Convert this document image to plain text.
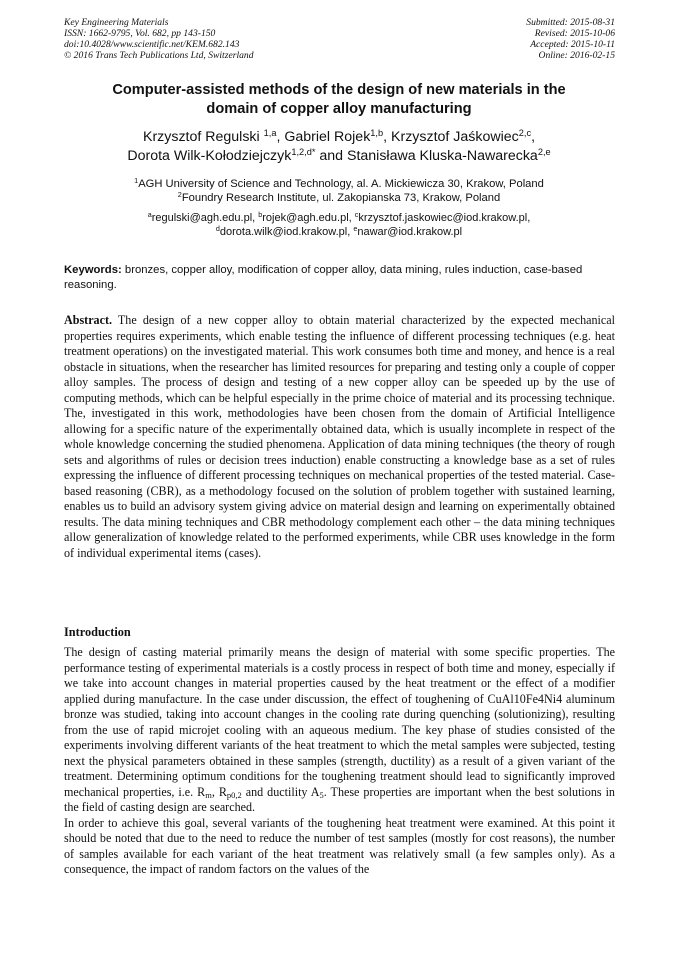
Key Engineering Materials
ISSN: 1662-9795, Vol. 682, pp 143-150
doi:10.4028/www.scientific.net/KEM.682.143
© 2016 Trans Tech Publications Ltd, Switzerland
Submitted: 2015-08-31
Revised: 2015-10-06
Accepted: 2015-10-11
Online: 2016-02-15
Computer-assisted methods of the design of new materials in the
domain of copper alloy manufacturing
Krzysztof Regulski $^{1,a}$, Gabriel Rojek$^{1,b}$, Krzysztof Jaśkowiec$^{2,c}$,
Dorota Wilk-Kołodziejczyk$^{1,2,d*}$ and Stanisława Kluska-Nawarecka$^{2,e}$
$^1$AGH University of Science and Technology, al. A. Mickiewicza 30, Krakow, Poland
$^2$Foundry Research Institute, ul. Zakopianska 73, Krakow, Poland
$^a$regulski@agh.edu.pl, $^b$rojek@agh.edu.pl, $^c$krzysztof.jaskowiec@iod.krakow.pl,
$^d$dorota.wilk@iod.krakow.pl, $^e$nawar@iod.krakow.pl
Keywords: bronzes, copper alloy, modification of copper alloy, data mining, rules induction, case-based reasoning.
Abstract. The design of a new copper alloy to obtain material characterized by the expected mechanical properties requires experiments, which enable testing the influence of different processing techniques (e.g. heat treatment operations) on the investigated material. This work consumes both time and money, and hence is a real obstacle in situations, when the researcher has limited resources for preparing and testing only a couple of copper alloy samples. The process of design and testing of a new copper alloy can be speeded up by the use of computing methods, which can be helpful especially in the prime choice of material and its processing technique. The, investigated in this work, methodologies have been chosen from the domain of Artificial Intelligence allowing for a specific nature of the experimentally obtained data, which is usually incomplete in respect of the whole knowledge concerning the studied phenomena. Application of data mining techniques (the theory of rough sets and algorithms of rules or decision trees induction) enable constructing a knowledge base as a set of rules expressing the influence of different processing techniques on mechanical properties of the tested material. Case-based reasoning (CBR), as a methodology focused on the solution of problem together with sustained learning, enables us to build an advisory system giving advice on material design and learning on experimentally obtained results. The data mining techniques and CBR methodology complement each other – the data mining techniques allow generalization of knowledge related to the performed experiments, while CBR uses knowledge in the form of individual experimental items (cases).
Introduction

The design of casting material primarily means the design of material with some specific properties. The performance testing of experimental materials is a costly process in respect of both time and money, especially if we take into account changes in material properties caused by the heat treatment or the effect of a modifier applied during manufacture. In the case under discussion, the effect of toughening of CuAl10Fe4Ni4 aluminum bronze was studied, taking into account changes in the cooling rate during quenching (solutionizing), resulting from the use of rapid microjet cooling with an aqueous medium. The key phase of studies consisted of the experiments involving different variants of the heat treatment to which the metal samples were subjected, testing next the physical parameters obtained in these samples (strength, ductility) as a result of a given variant of the treatment. Determining optimum conditions for the toughening treatment should lead to significantly improved mechanical properties, i.e. $R_m$, $R_{p0,2}$ and ductility $A_5$. These properties are important when the best solutions in the field of casting design are searched.

In order to achieve this goal, several variants of the toughening heat treatment were examined. At this point it should be noted that due to the need to reduce the number of test samples (mostly for cost reasons), the number of samples available for each variant of the heat treatment was relatively small (a few samples only). As a consequence, the impact of random factors on the values of the
